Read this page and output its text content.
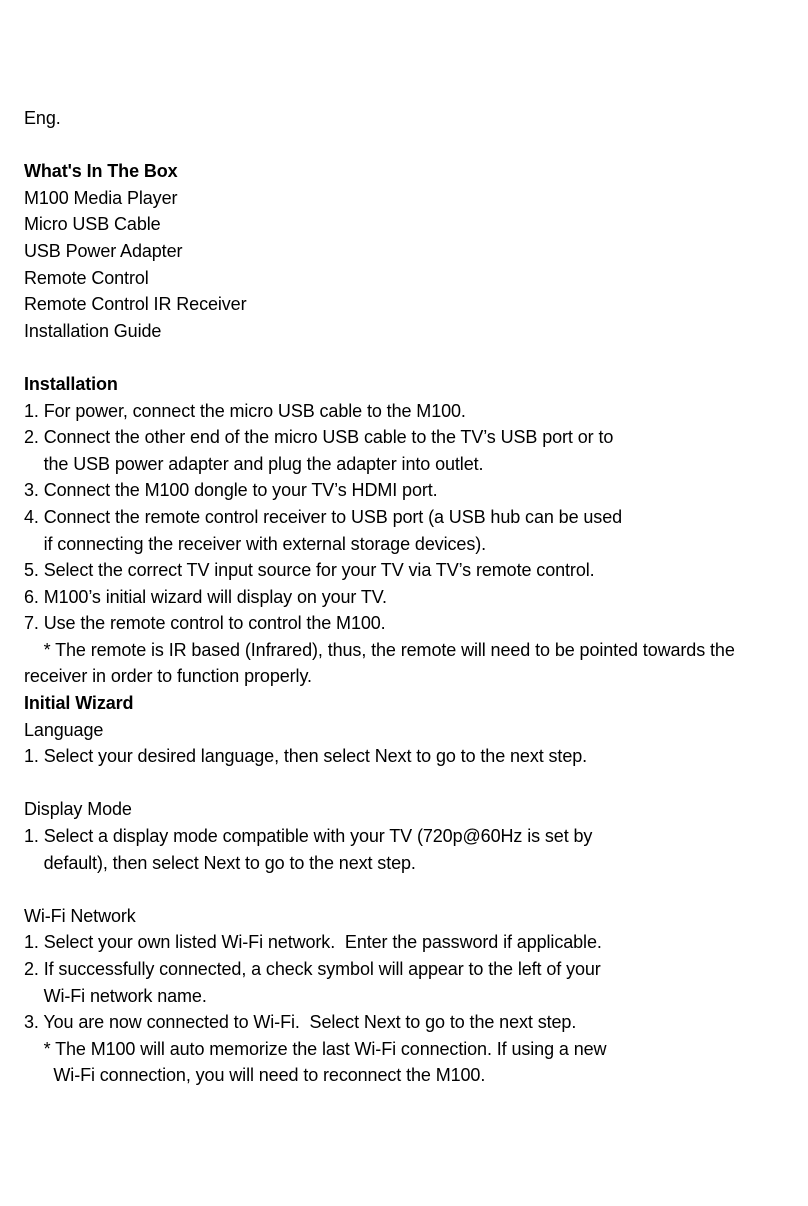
Eng.
What's In The Box
M100 Media Player
Micro USB Cable
USB Power Adapter
Remote Control
Remote Control IR Receiver
Installation Guide
Installation
1. For power, connect the micro USB cable to the M100.
2. Connect the other end of the micro USB cable to the TV’s USB port or to
the USB power adapter and plug the adapter into outlet.
3. Connect the M100 dongle to your TV’s HDMI port.
4. Connect the remote control receiver to USB port (a USB hub can be used
if connecting the receiver with external storage devices).
5. Select the correct TV input source for your TV via TV’s remote control.
6. M100’s initial wizard will display on your TV.
7. Use the remote control to control the M100.
* The remote is IR based (Infrared), thus, the remote will need to be pointed towards the
receiver in order to function properly.
Initial Wizard
Language
1. Select your desired language, then select Next to go to the next step.
Display Mode
1. Select a display mode compatible with your TV (720p@60Hz is set by
default), then select Next to go to the next step.
Wi-Fi Network
1. Select your own listed Wi-Fi network.  Enter the password if applicable.
2. If successfully connected, a check symbol will appear to the left of your
Wi-Fi network name.
3. You are now connected to Wi-Fi.  Select Next to go to the next step.
* The M100 will auto memorize the last Wi-Fi connection. If using a new
Wi-Fi connection, you will need to reconnect the M100.
